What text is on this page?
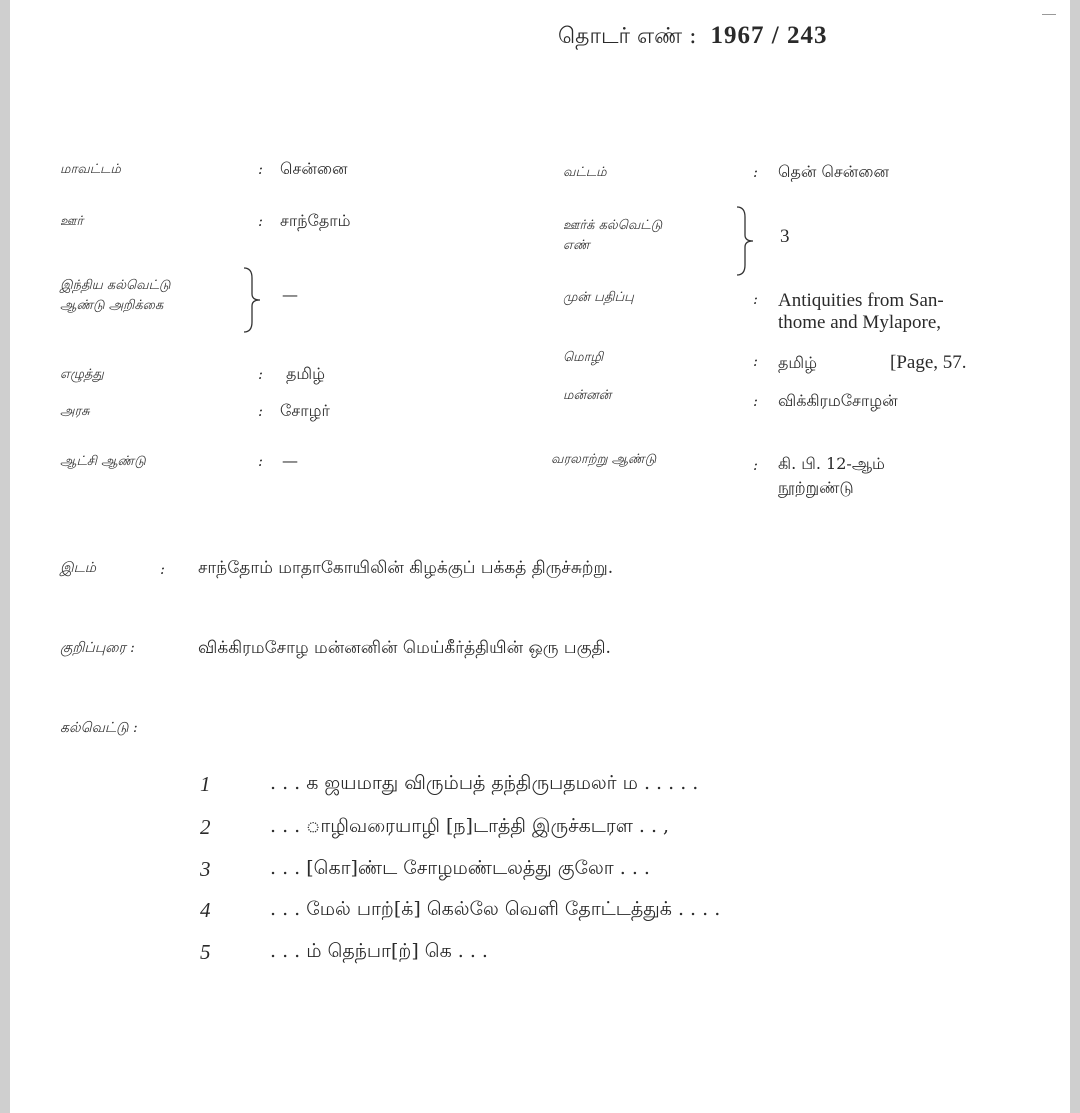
தொடர் எண் : 1967 / 243
மாவட்டம்	: சென்னை
ஊர்	: சாந்தோம்
இந்திய கல்வெட்டு
ஆண்டு அறிக்கை
—
எழுத்து	: தமிழ்
அரசு	: சோழர்
ஆட்சி ஆண்டு	: —
வட்டம்	: தென் சென்னை
ஊர்க் கல்வெட்டு
எண்	3
முன் பதிப்பு	: Antiquities from San-
thome and Mylapore,
மொழி	: தமிழ்	[Page, 57.
மன்னன்	: விக்கிரமசோழன்
வரலாற்று ஆண்டு	: கி. பி. 12-ஆம்
நூற்றுண்டு
இடம்	: சாந்தோம் மாதாகோயிலின் கிழக்குப் பக்கத் திருச்சுற்று.
குறிப்புரை :	விக்கிரமசோழ மன்னனின் மெய்கீர்த்தியின் ஒரு பகுதி.
கல்வெட்டு :
1	. . . க ஜயமாது விரும்பத் தந்திருபதமலர் ம . . . . .
2	. . . ாழிவரையாழி [ந]டாத்தி இருச்கடரள . . ,
3	. . . [கொ]ண்ட சோழமண்டலத்து குலோ . . .
4	. . . மேல் பாற்[க்] கெல்லே வெளி தோட்டத்துக் . . . .
5	. . . ம் தெந்பா[ற்] கெ . . .
